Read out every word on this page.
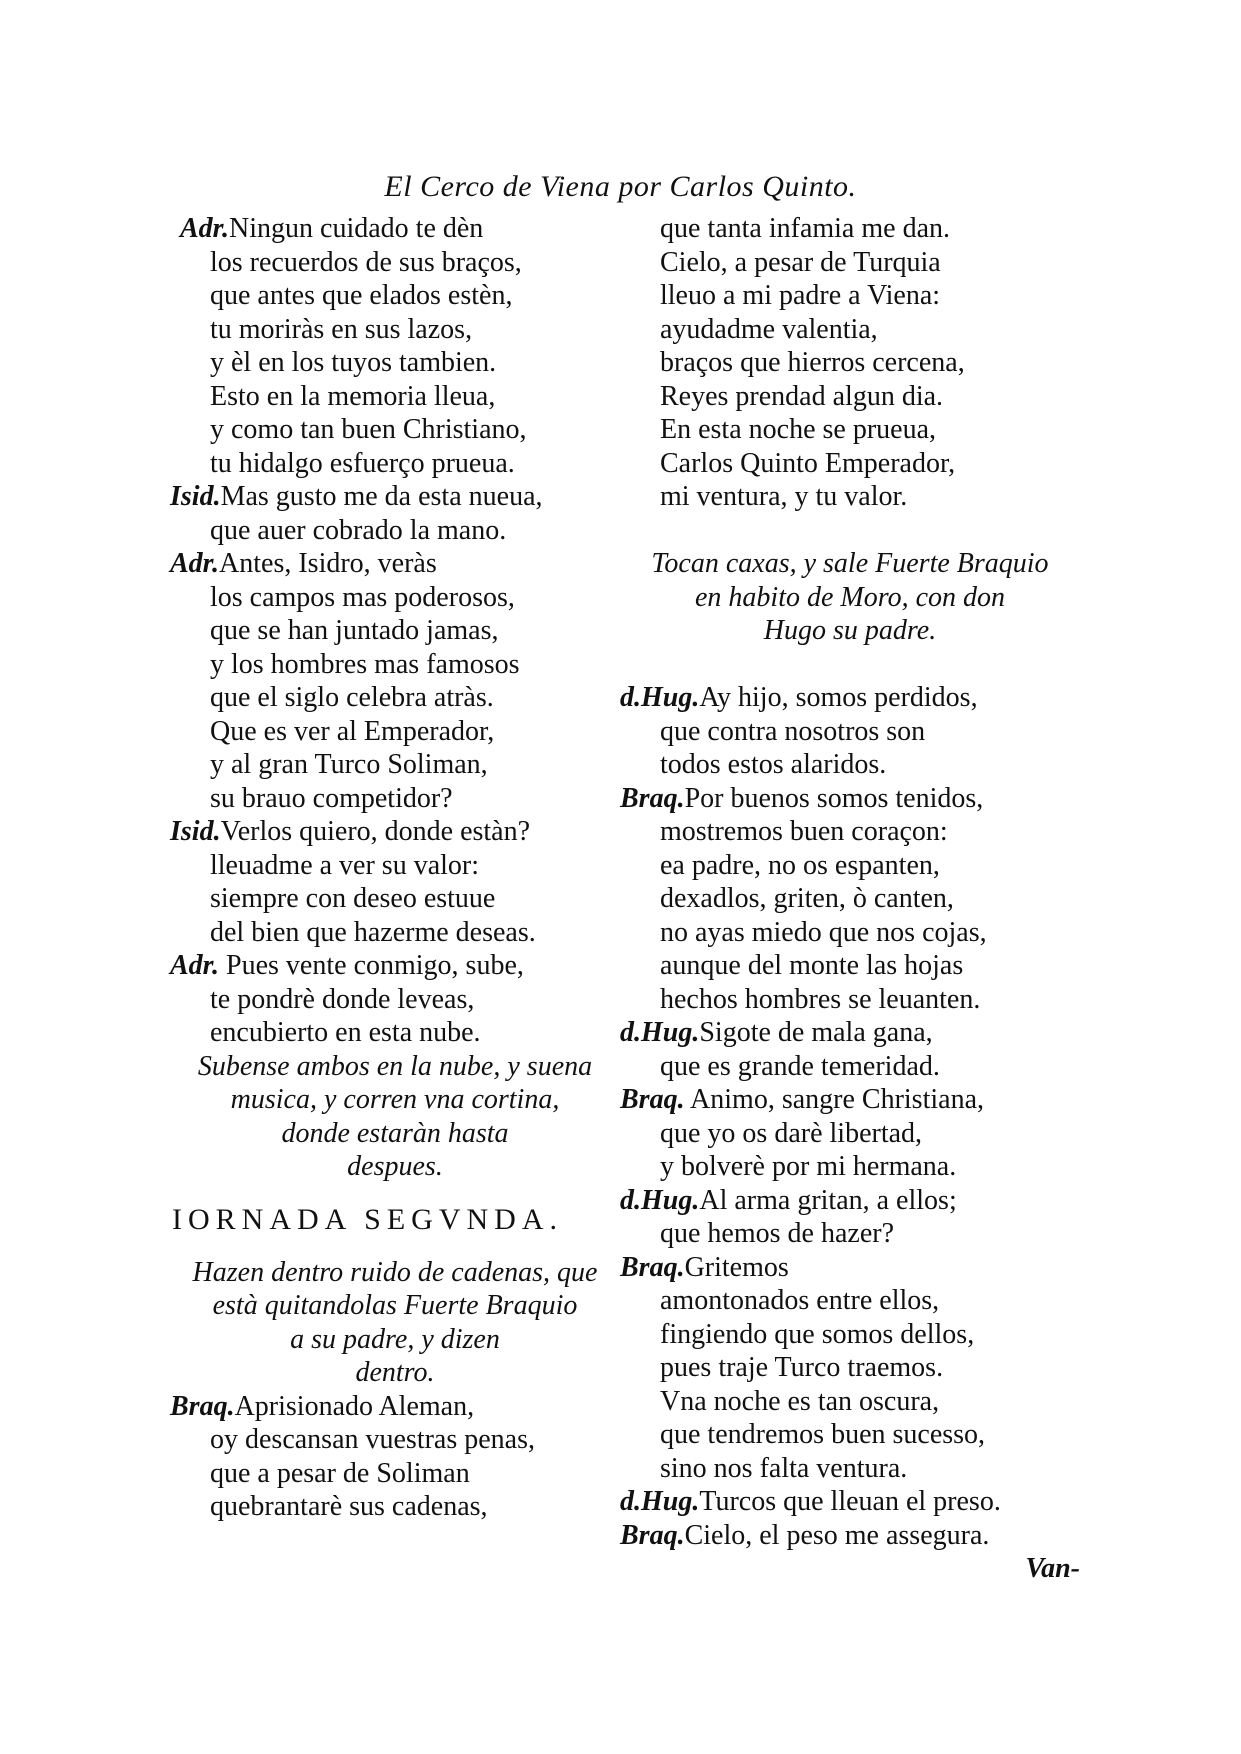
El Cerco de Viena por Carlos Quinto.
Adr.Ningun cuidado te dèn
los recuerdos de sus braços,
que antes que elados estèn,
tu moriràs en sus lazos,
y èl en los tuyos tambien.
Esto en la memoria lleua,
y como tan buen Christiano,
tu hidalgo esfuerço prueua.
Isid.Mas gusto me da esta nueua,
que auer cobrado la mano.
Adr.Antes, Isidro, veràs
los campos mas poderosos,
que se han juntado jamas,
y los hombres mas famosos
que el siglo celebra atràs.
Que es ver al Emperador,
y al gran Turco Soliman,
su brauo competidor?
Isid.Verlos quiero, donde estàn?
lleuadme a ver su valor:
siempre con deseo estuue
del bien que hazerme deseas.
Adr. Pues vente conmigo, sube,
te pondrè donde leveas,
encubierto en esta nube.
Subense ambos en la nube, y suena
musica, y corren vna cortina,
donde estaràn hasta
despues.
IORNADA SEGVNDA.
Hazen dentro ruido de cadenas, que
està quitandolas Fuerte Braquio
a su padre, y dizen
dentro.
Braq.Aprisionado Aleman,
oy descansan vuestras penas,
que a pesar de Soliman
quebrantarè sus cadenas,
que tanta infamia me dan.
Cielo, a pesar de Turquia
lleuo a mi padre a Viena:
ayudadme valentia,
braços que hierros cercena,
Reyes prendad algun dia.
En esta noche se prueua,
Carlos Quinto Emperador,
mi ventura, y tu valor.
Tocan caxas, y sale Fuerte Braquio
en habito de Moro, con don
Hugo su padre.
d.Hug.Ay hijo, somos perdidos,
que contra nosotros son
todos estos alaridos.
Braq.Por buenos somos tenidos,
mostremos buen coraçon:
ea padre, no os espanten,
dexadlos, griten, ò canten,
no ayas miedo que nos cojas,
aunque del monte las hojas
hechos hombres se leuanten.
d.Hug.Sigote de mala gana,
que es grande temeridad.
Braq. Animo, sangre Christiana,
que yo os darè libertad,
y bolverè por mi hermana.
d.Hug.Al arma gritan, a ellos;
que hemos de hazer?
Braq.Gritemos
amontonados entre ellos,
fingiendo que somos dellos,
pues traje Turco traemos.
Vna noche es tan oscura,
que tendremos buen sucesso,
sino nos falta ventura.
d.Hug.Turcos que lleuan el preso.
Braq.Cielo, el peso me assegura.
Van-
